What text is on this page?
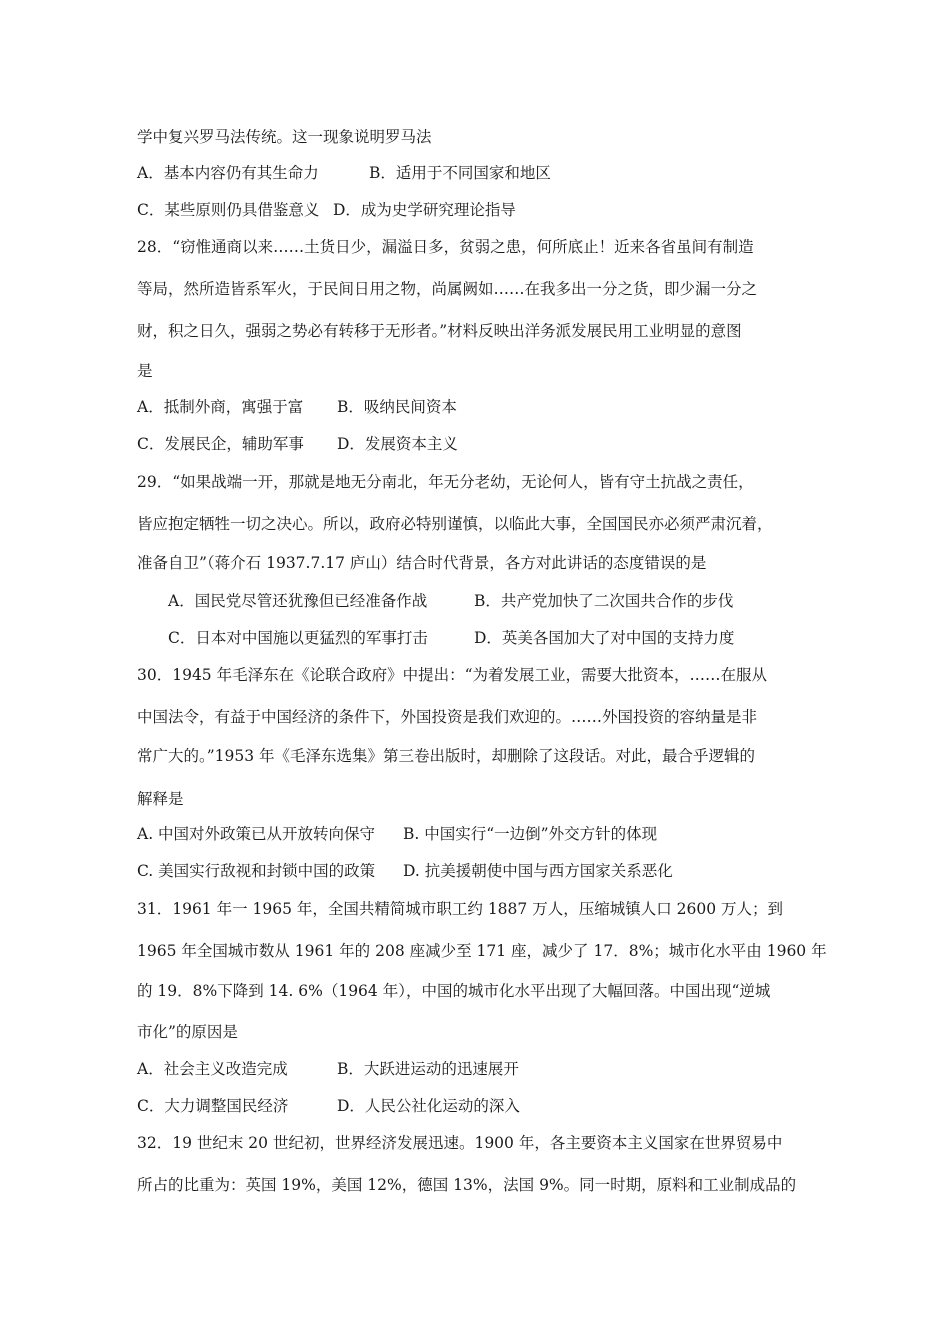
学中复兴罗马法传统。这一现象说明罗马法
A．基本内容仍有其生命力	B．适用于不同国家和地区
C．某些原则仍具借鉴意义 D．成为史学研究理论指导
28．“窃惟通商以来……土货日少，漏溢日多，贫弱之患，何所底止！近来各省虽间有制造
等局，然所造皆系军火，于民间日用之物，尚属阙如……在我多出一分之货，即少漏一分之
财，积之日久，强弱之势必有转移于无形者。”材料反映出洋务派发展民用工业明显的意图
是
A．抵制外商，寓强于富 B．吸纳民间资本
C．发展民企，辅助军事 D．发展资本主义
29．“如果战端一开，那就是地无分南北，年无分老幼，无论何人，皆有守土抗战之责任，
皆应抱定牺牲一切之决心。所以，政府必特别谨慎，以临此大事，全国国民亦必须严肃沉着，
准备自卫”（蒋介石 1937.7.17 庐山）结合时代背景，各方对此讲话的态度错误的是
A．国民党尽管还犹豫但已经准备作战	B．共产党加快了二次国共合作的步伐
C．日本对中国施以更猛烈的军事打击	D．英美各国加大了对中国的支持力度
30．1945 年毛泽东在《论联合政府》中提出：“为着发展工业，需要大批资本，……在服从
中国法令，有益于中国经济的条件下，外国投资是我们欢迎的。……外国投资的容纳量是非
常广大的。”1953 年《毛泽东选集》第三卷出版时，却删除了这段话。对此，最合乎逻辑的
解释是
A. 中国对外政策已从开放转向保守 B. 中国实行“一边倒”外交方针的体现
C. 美国实行敌视和封锁中国的政策 D. 抗美援朝使中国与西方国家关系恶化
31．1961 年一 1965 年，全国共精简城市职工约 1887 万人，压缩城镇人口 2600 万人；到
1965 年全国城市数从 1961 年的 208 座减少至 171 座，减少了 17．8%；城市化水平由 1960 年
的 19．8%下降到 14. 6%（1964 年），中国的城市化水平出现了大幅回落。中国出现“逆城
市化”的原因是
A．社会主义改造完成	B．大跃进运动的迅速展开
C．大力调整国民经济	D．人民公社化运动的深入
32．19 世纪末 20 世纪初，世界经济发展迅速。1900 年，各主要资本主义国家在世界贸易中
所占的比重为：英国 19%，美国 12%，德国 13%，法国 9%。同一时期，原料和工业制成品的
